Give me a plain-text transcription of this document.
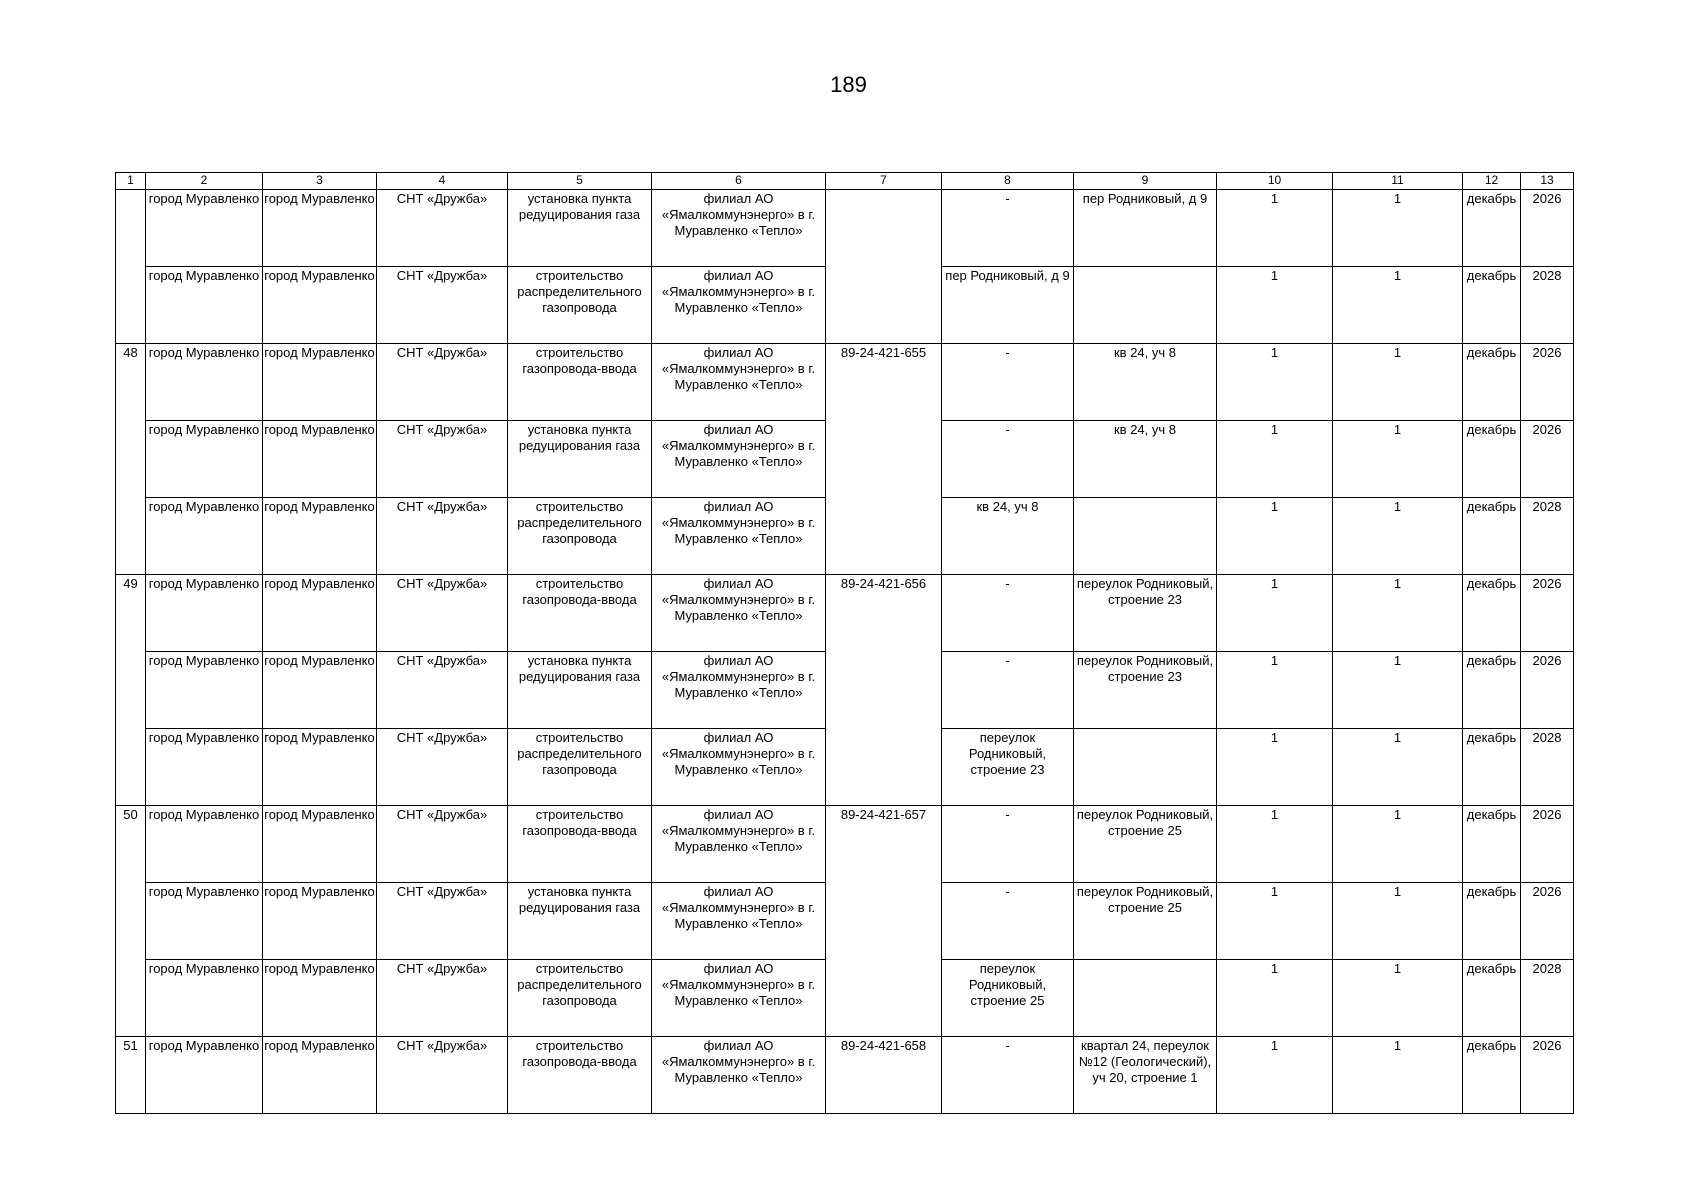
189
1	2	3	4	5	6	7	8	9	10	11	12	13
	город Муравленко	город Муравленко	СНТ «Дружба»	установка пункта редуцирования газа	филиал АО «Ямалкоммунэнерго» в г. Муравленко «Тепло»		-	пер Родниковый, д 9	1	1	декабрь	2026
	город Муравленко	город Муравленко	СНТ «Дружба»	строительство распределительного газопровода	филиал АО «Ямалкоммунэнерго» в г. Муравленко «Тепло»		пер Родниковый, д 9		1	1	декабрь	2028
48	город Муравленко	город Муравленко	СНТ «Дружба»	строительство газопровода-ввода	филиал АО «Ямалкоммунэнерго» в г. Муравленко «Тепло»	89-24-421-655	-	кв 24, уч 8	1	1	декабрь	2026
	город Муравленко	город Муравленко	СНТ «Дружба»	установка пункта редуцирования газа	филиал АО «Ямалкоммунэнерго» в г. Муравленко «Тепло»		-	кв 24, уч 8	1	1	декабрь	2026
	город Муравленко	город Муравленко	СНТ «Дружба»	строительство распределительного газопровода	филиал АО «Ямалкоммунэнерго» в г. Муравленко «Тепло»		кв 24, уч 8		1	1	декабрь	2028
49	город Муравленко	город Муравленко	СНТ «Дружба»	строительство газопровода-ввода	филиал АО «Ямалкоммунэнерго» в г. Муравленко «Тепло»	89-24-421-656	-	переулок Родниковый, строение 23	1	1	декабрь	2026
	город Муравленко	город Муравленко	СНТ «Дружба»	установка пункта редуцирования газа	филиал АО «Ямалкоммунэнерго» в г. Муравленко «Тепло»		-	переулок Родниковый, строение 23	1	1	декабрь	2026
	город Муравленко	город Муравленко	СНТ «Дружба»	строительство распределительного газопровода	филиал АО «Ямалкоммунэнерго» в г. Муравленко «Тепло»		переулок Родниковый, строение 23		1	1	декабрь	2028
50	город Муравленко	город Муравленко	СНТ «Дружба»	строительство газопровода-ввода	филиал АО «Ямалкоммунэнерго» в г. Муравленко «Тепло»	89-24-421-657	-	переулок Родниковый, строение 25	1	1	декабрь	2026
	город Муравленко	город Муравленко	СНТ «Дружба»	установка пункта редуцирования газа	филиал АО «Ямалкоммунэнерго» в г. Муравленко «Тепло»		-	переулок Родниковый, строение 25	1	1	декабрь	2026
	город Муравленко	город Муравленко	СНТ «Дружба»	строительство распределительного газопровода	филиал АО «Ямалкоммунэнерго» в г. Муравленко «Тепло»		переулок Родниковый, строение 25		1	1	декабрь	2028
51	город Муравленко	город Муравленко	СНТ «Дружба»	строительство газопровода-ввода	филиал АО «Ямалкоммунэнерго» в г. Муравленко «Тепло»	89-24-421-658	-	квартал 24, переулок №12 (Геологический), уч 20, строение 1	1	1	декабрь	2026
